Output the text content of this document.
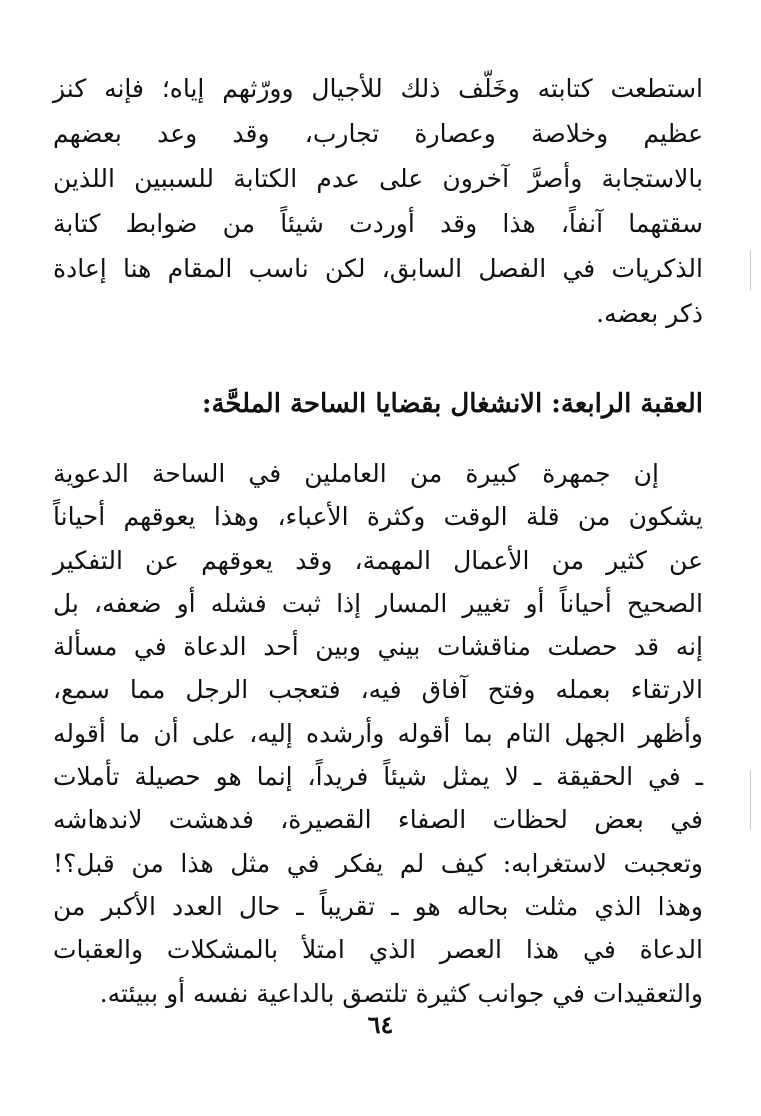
استطعت كتابته وخَلّف ذلك للأجيال وورّثهم إياه؛ فإنه كنز
عظيم وخلاصة وعصارة تجارب، وقد وعد بعضهم
بالاستجابة وأصرَّ آخرون على عدم الكتابة للسببين اللذين
سقتهما آنفاً، هذا وقد أوردت شيئاً من ضوابط كتابة
الذكريات في الفصل السابق، لكن ناسب المقام هنا إعادة
ذكر بعضه.
العقبة الرابعة: الانشغال بقضايا الساحة الملحَّة:
إن جمهرة كبيرة من العاملين في الساحة الدعوية
يشكون من قلة الوقت وكثرة الأعباء، وهذا يعوقهم أحياناً
عن كثير من الأعمال المهمة، وقد يعوقهم عن التفكير
الصحيح أحياناً أو تغيير المسار إذا ثبت فشله أو ضعفه، بل
إنه قد حصلت مناقشات بيني وبين أحد الدعاة في مسألة
الارتقاء بعمله وفتح آفاق فيه، فتعجب الرجل مما سمع،
وأظهر الجهل التام بما أقوله وأرشده إليه، على أن ما أقوله
ـ في الحقيقة ـ لا يمثل شيئاً فريداً، إنما هو حصيلة تأملات
في بعض لحظات الصفاء القصيرة، فدهشت لاندهاشه
وتعجبت لاستغرابه: كيف لم يفكر في مثل هذا من قبل؟!
وهذا الذي مثلت بحاله هو ـ تقريباً ـ حال العدد الأكبر من
الدعاة في هذا العصر الذي امتلأ بالمشكلات والعقبات
والتعقيدات في جوانب كثيرة تلتصق بالداعية نفسه أو ببيئته.
٦٤
